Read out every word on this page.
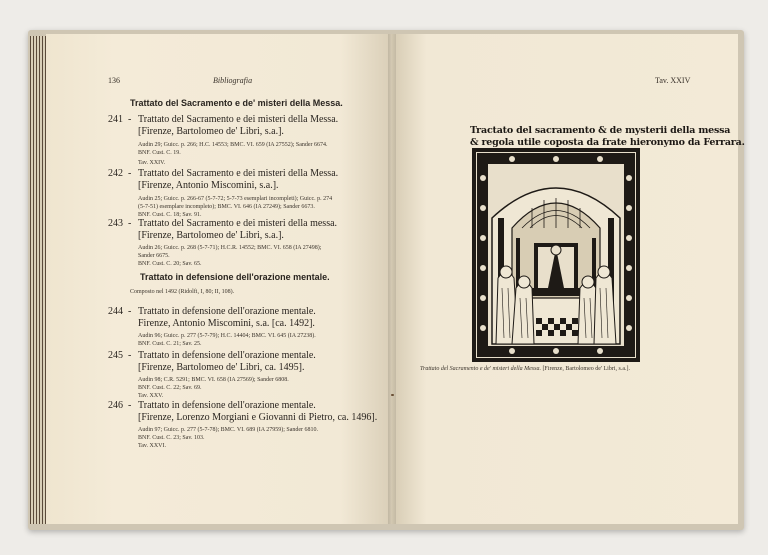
136	Bibliografia
Trattato del Sacramento e de' misteri della Messa.
241 - Trattato del Sacramento e dei misteri della Messa.
[Firenze, Bartolomeo de' Libri, s.a.].
Audin 29; Guicc. p. 266; H.C. 14553; BMC. VI. 659 (IA 27552); Sander 6674.
BNF. Cust. C. 19.
Tav. XXIV.
242 - Trattato del Sacramento e dei misteri della Messa.
[Firenze, Antonio Miscomini, s.a.].
Audin 25; Guicc. p. 266-67 (5-7-72; 5-7-73 esemplari incompleti); Guicc. p. 274
(5-7-51) esemplare incompleto); BMC. VI. 646 (IA 27249); Sander 6673.
BNF. Cust. C. 18; Sav. 91.
243 - Trattato del Sacramento e dei misteri della messa.
[Firenze, Bartolomeo de' Libri, s.a.].
Audin 26; Guicc. p. 268 (5-7-71); H.C.R. 14552; BMC. VI. 658 (IA 27498);
Sander 6675.
BNF. Cust. C. 20; Sav. 65.
Trattato in defensione dell'orazione mentale.
Composto nel 1492 (Ridolfi, I, 80; II, 108).
244 - Trattato in defensione dell'orazione mentale.
Firenze, Antonio Miscomini, s.a. [ca. 1492].
Audin 96; Guicc. p. 277 (5-7-79); H.C. 14404; BMC. VI. 645 (IA 27238).
BNF. Cust. C. 21; Sav. 25.
245 - Trattato in defensione dell'orazione mentale.
[Firenze, Bartolomeo de' Libri, ca. 1495].
Audin 98; C.R. 5291; BMC. VI. 658 (IA 27569); Sander 6808.
BNF. Cust. C. 22; Sav. 69.
Tav. XXV.
246 - Trattato in defensione dell'orazione mentale.
[Firenze, Lorenzo Morgiani e Giovanni di Pietro, ca. 1496].
Audin 97; Guicc. p. 277 (5-7-78); BMC. VI. 689 (IA 27959); Sander 6810.
BNF. Cust. C. 23; Sav. 103.
Tav. XXVI.
Tav. XXIV
Tractato del sacramento & de mysterii della messa
& regola utile coposta da frate hieronymo da Ferrara.
Trattato del Sacramento e de' misteri della Messa. [Firenze, Bartolomeo de' Libri, s.a.].
